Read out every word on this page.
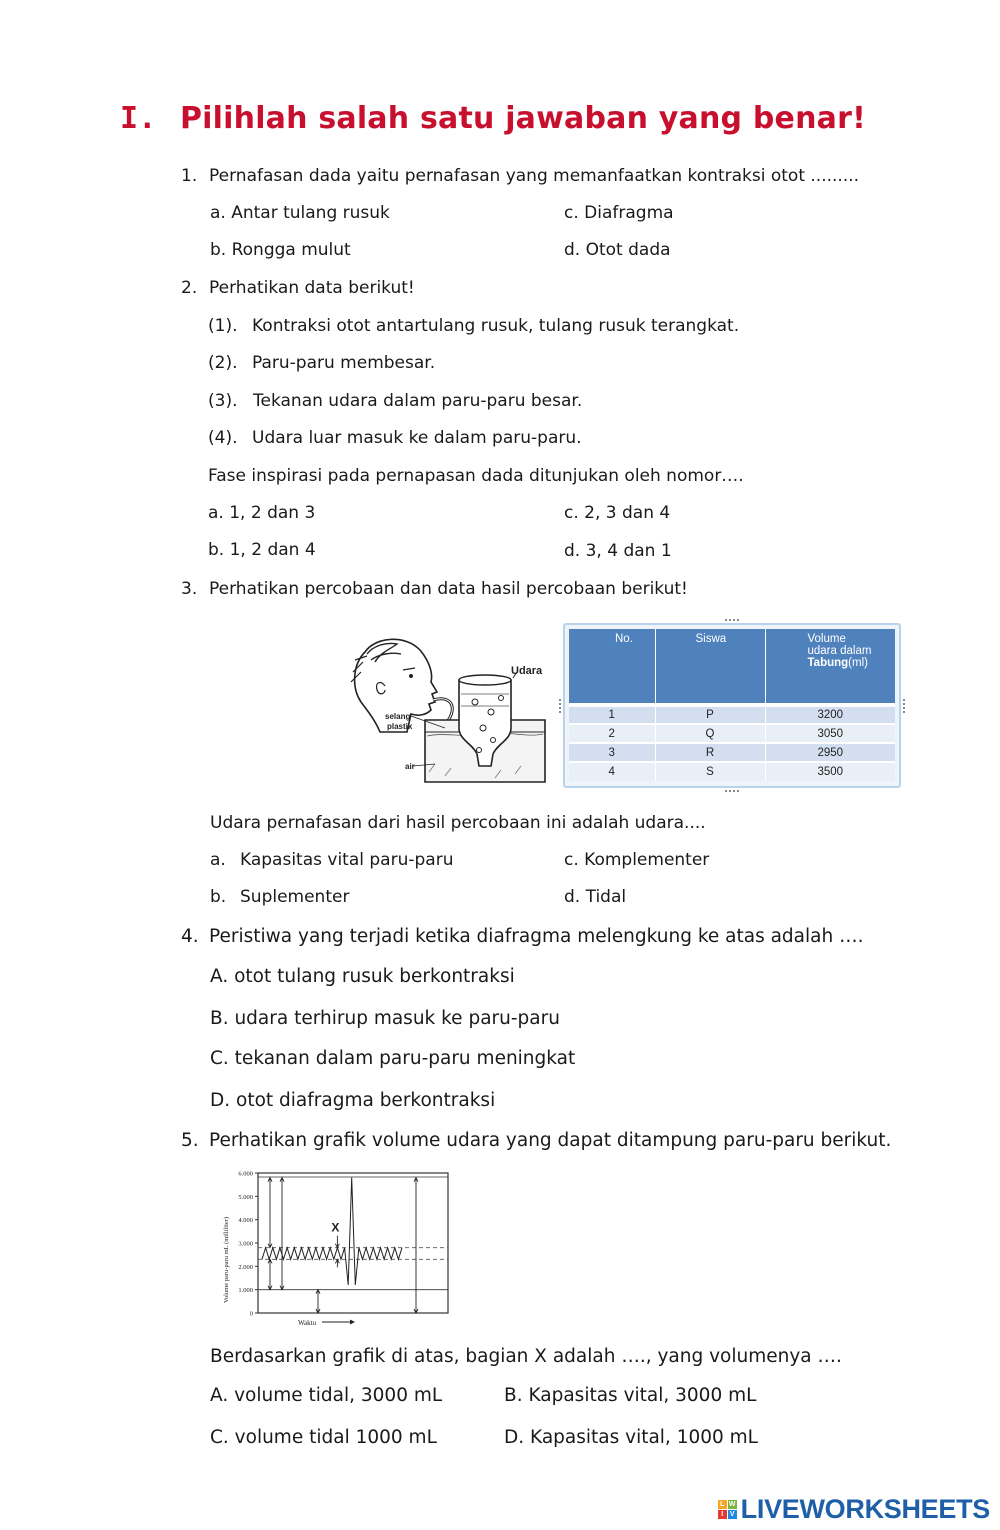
I. Pilihlah salah satu jawaban yang benar!
1. Pernafasan dada yaitu pernafasan yang memanfaatkan kontraksi otot .........
a. Antar tulang rusuk	c. Diafragma
b. Rongga mulut	d. Otot dada
2. Perhatikan data berikut!
(1). Kontraksi otot antartulang rusuk, tulang rusuk terangkat.
(2). Paru-paru membesar.
(3). Tekanan udara dalam paru-paru besar.
(4). Udara luar masuk ke dalam paru-paru.
Fase inspirasi pada pernapasan dada ditunjukan oleh nomor….
a. 1, 2 dan 3	c. 2, 3 dan 4
b. 1, 2 dan 4	d. 3, 4 dan 1
3. Perhatikan percobaan dan data hasil percobaan berikut!
Udara
selang
plastik
air
No.	Siswa	Volume
udara dalam
Tabung(ml)

1	P	3200
2	Q	3050
3	R	2950
4	S	3500
Udara pernafasan dari hasil percobaan ini adalah udara....
a. Kapasitas vital paru-paru	c. Komplementer
b. Suplementer	d. Tidal
4. Peristiwa yang terjadi ketika diafragma melengkung ke atas adalah ….
A. otot tulang rusuk berkontraksi
B. udara terhirup masuk ke paru-paru
C. tekanan dalam paru-paru meningkat
D. otot diafragma berkontraksi
5. Perhatikan grafik volume udara yang dapat ditampung paru-paru berikut.
0
1.000
2.000
3.000
4.000
5.000
6.000
Volume paru-paru mL (milliliter)
Waktu
X
Berdasarkan grafik di atas, bagian X adalah …., yang volumenya ….
A. volume tidal, 3000 mL	B. Kapasitas vital, 3000 mL
C. volume tidal 1000 mL	D. Kapasitas vital, 1000 mL
L W
I V LIVEWORKSHEETS
